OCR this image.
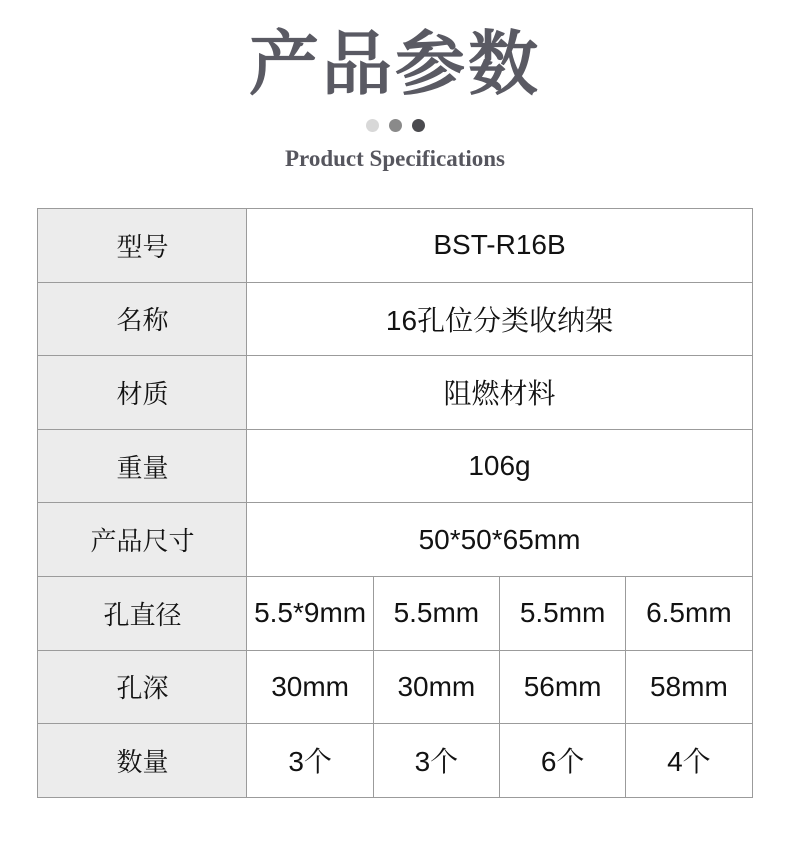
产品参数
Product Specifications
型号	BST-R16B			
名称	16孔位分类收纳架			
材质	阻燃材料			
重量	106g			
产品尺寸	50*50*65mm			
孔直径	5.5*9mm	5.5mm	5.5mm	6.5mm
孔深	30mm	30mm	56mm	58mm
数量	3个	3个	6个	4个
